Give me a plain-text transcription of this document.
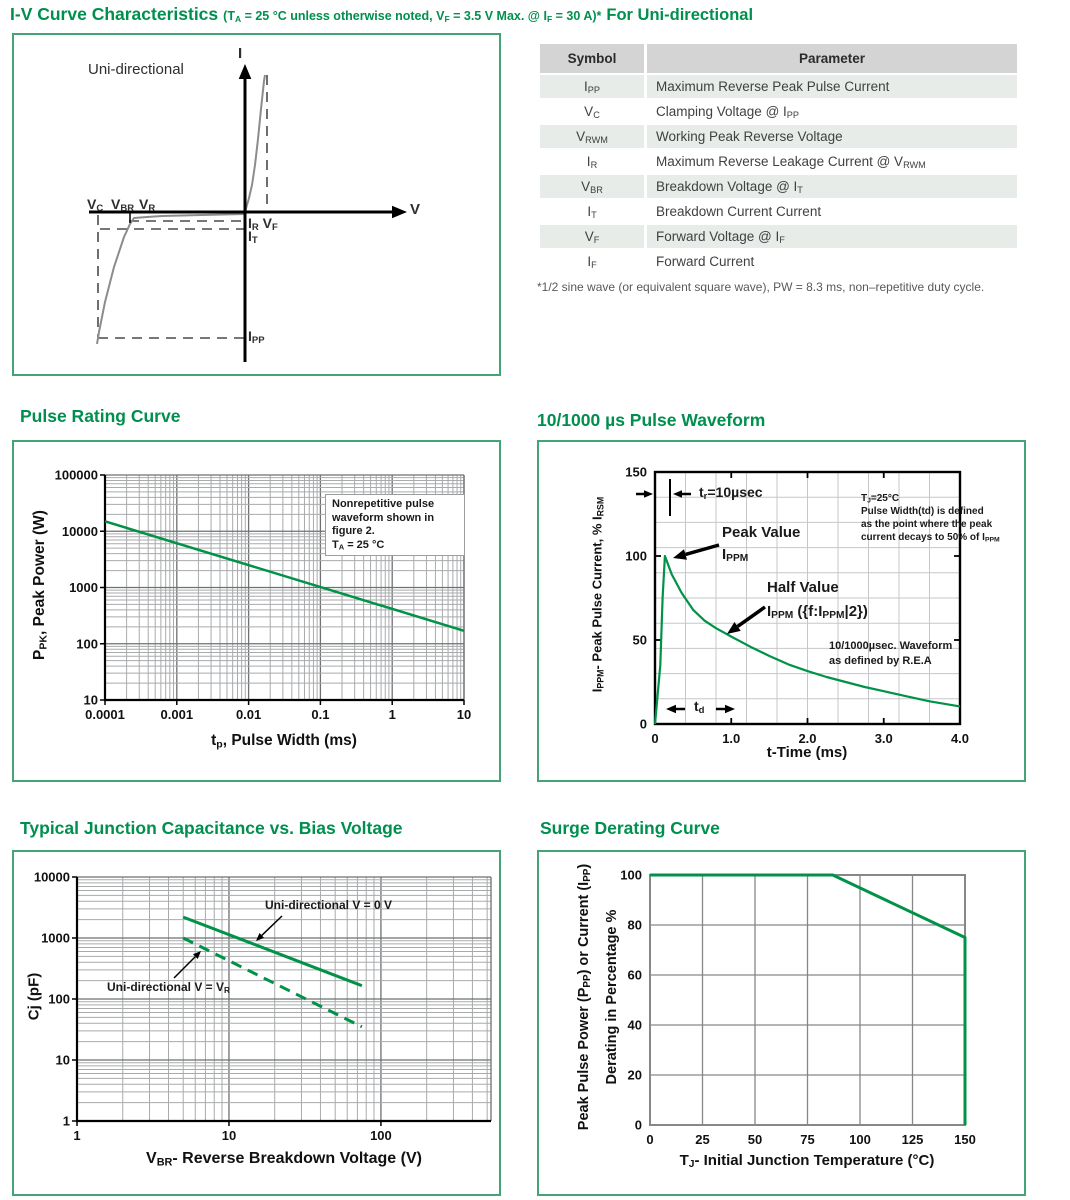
I-V Curve Characteristics ($T_A = 25$ °C unless otherwise noted, $V_F = 3.5$ V Max. @ $I_F = 30$ A)* For Uni-directional
Uni-directional
I
V
$V_C$ $V_{BR}$ $V_R$
$I_R$ $V_F$
$I_T$
$I_{PP}$
Symbol	Parameter
$I_{PP}$	Maximum Reverse Peak Pulse Current
$V_C$	Clamping Voltage @ $I_{PP}$
$V_{RWM}$	Working Peak Reverse Voltage
$I_R$	Maximum Reverse Leakage Current @ $V_{RWM}$
$V_{BR}$	Breakdown Voltage @ $I_T$
$I_T$	Breakdown Current Current
$V_F$	Forward Voltage @ $I_F$
$I_F$	Forward Current
*1/2 sine wave (or equivalent square wave), PW = 8.3 ms, non–repetitive duty cycle.
Pulse Rating Curve	10/1000 µs Pulse Waveform
0.0001	0.001	0.01	0.1	1	10
10
100
1000
10000
100000
Nonrepetitive pulse
waveform shown in
figure 2.
$T_A = 25$ °C
$t_p$, Pulse Width (ms)
$P_{PK}$, Peak Power (W)
0	1.0	2.0	3.0	4.0
0
50
100
150
$t_r=10\mu\sec$
Peak Value
$I_{PPM}$
Half Value
$I_{PPM}$ $(\{f:I_{PPM}|2\})$
$T_J=25^\circ C$
Pulse Width(td) is defined
as the point where the peak
current decays to 50% of $I_{PPM}$
10/1000µsec. Waveform
as defined by R.E.A
$t_d$
t-Time (ms)
$I_{PPM}-$ Peak Pulse Current, % $I_{RSM}$
Typical Junction Capacitance vs. Bias Voltage	Surge Derating Curve
1	10	100
1
10
100
1000
10000
Uni-directional V = 0 V
Uni-directional $V = V_R$
$V_{BR}-$ Reverse Breakdown Voltage (V)
Cj (pF)
0	25	50	75	100 125 150
0
20
40
60
80
100
$T_J-$ Initial Junction Temperature (°C)
Peak Pulse Power $(P_{PP})$ or Current $(I_{PP})$
Derating in Percentage %
